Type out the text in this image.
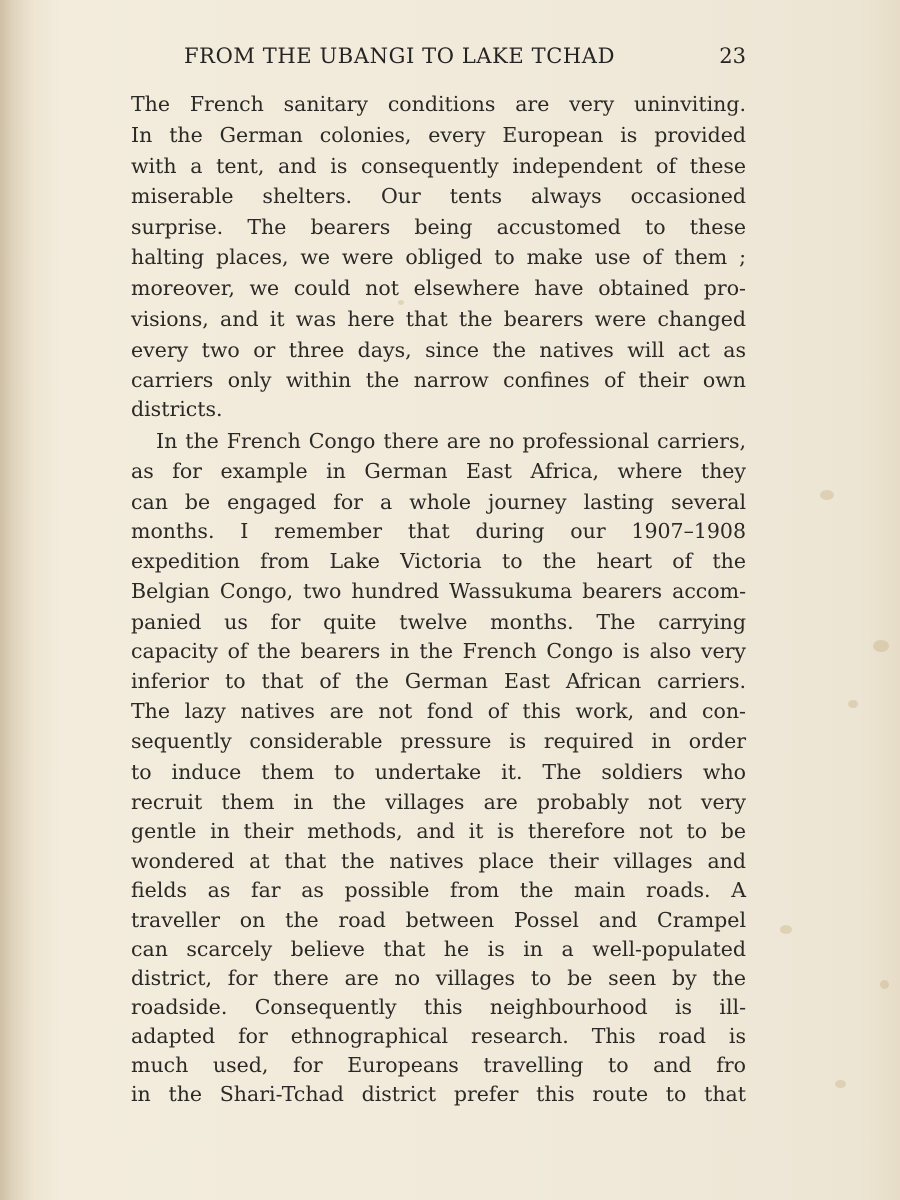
FROM THE UBANGI TO LAKE TCHAD	23
The French sanitary conditions are very uninviting.
In the German colonies, every European is provided
with a tent, and is consequently independent of these
miserable shelters. Our tents always occasioned
surprise. The bearers being accustomed to these
halting places, we were obliged to make use of them ;
moreover, we could not elsewhere have obtained pro-
visions, and it was here that the bearers were changed
every two or three days, since the natives will act as
carriers only within the narrow confines of their own
districts.
In the French Congo there are no professional carriers,
as for example in German East Africa, where they
can be engaged for a whole journey lasting several
months. I remember that during our 1907–1908
expedition from Lake Victoria to the heart of the
Belgian Congo, two hundred Wassukuma bearers accom-
panied us for quite twelve months. The carrying
capacity of the bearers in the French Congo is also very
inferior to that of the German East African carriers.
The lazy natives are not fond of this work, and con-
sequently considerable pressure is required in order
to induce them to undertake it. The soldiers who
recruit them in the villages are probably not very
gentle in their methods, and it is therefore not to be
wondered at that the natives place their villages and
fields as far as possible from the main roads. A
traveller on the road between Possel and Crampel
can scarcely believe that he is in a well-populated
district, for there are no villages to be seen by the
roadside. Consequently this neighbourhood is ill-
adapted for ethnographical research. This road is
much used, for Europeans travelling to and fro
in the Shari-Tchad district prefer this route to that
